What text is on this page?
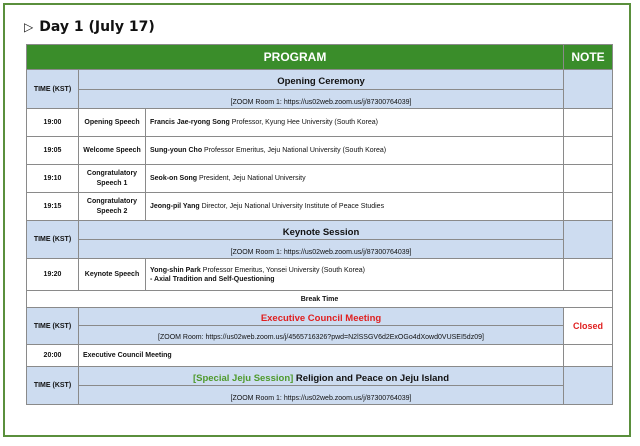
▷ Day 1 (July 17)
PROGRAM			NOTE
TIME (KST)	Opening Ceremony		
	[ZOOM Room 1: https://us02web.zoom.us/j/87300764039]		
19:00	Opening Speech	Francis Jae-ryong Song Professor, Kyung Hee University (South Korea)	
19:05	Welcome Speech	Sung-youn Cho Professor Emeritus, Jeju National University (South Korea)	
19:10	Congratulatory Speech 1	Seok-on Song President, Jeju National University	
19:15	Congratulatory Speech 2	Jeong-pil Yang Director, Jeju National University Institute of Peace Studies	
TIME (KST)	Keynote Session		
	[ZOOM Room 1: https://us02web.zoom.us/j/87300764039]		
19:20	Keynote Speech	Yong-shin Park Professor Emeritus, Yonsei University (South Korea)
- Axial Tradition and Self-Questioning	

Break Time			
TIME (KST)	Executive Council Meeting		Closed
	[ZOOM Room: https://us02web.zoom.us/j/4565716326?pwd=N2lSSGV6d2ExOGo4dXowd0VUSEI5dz09]		
20:00	Executive Council Meeting		
TIME (KST)	[Special Jeju Session] Religion and Peace on Jeju Island		
	[ZOOM Room 1: https://us02web.zoom.us/j/87300764039]		
